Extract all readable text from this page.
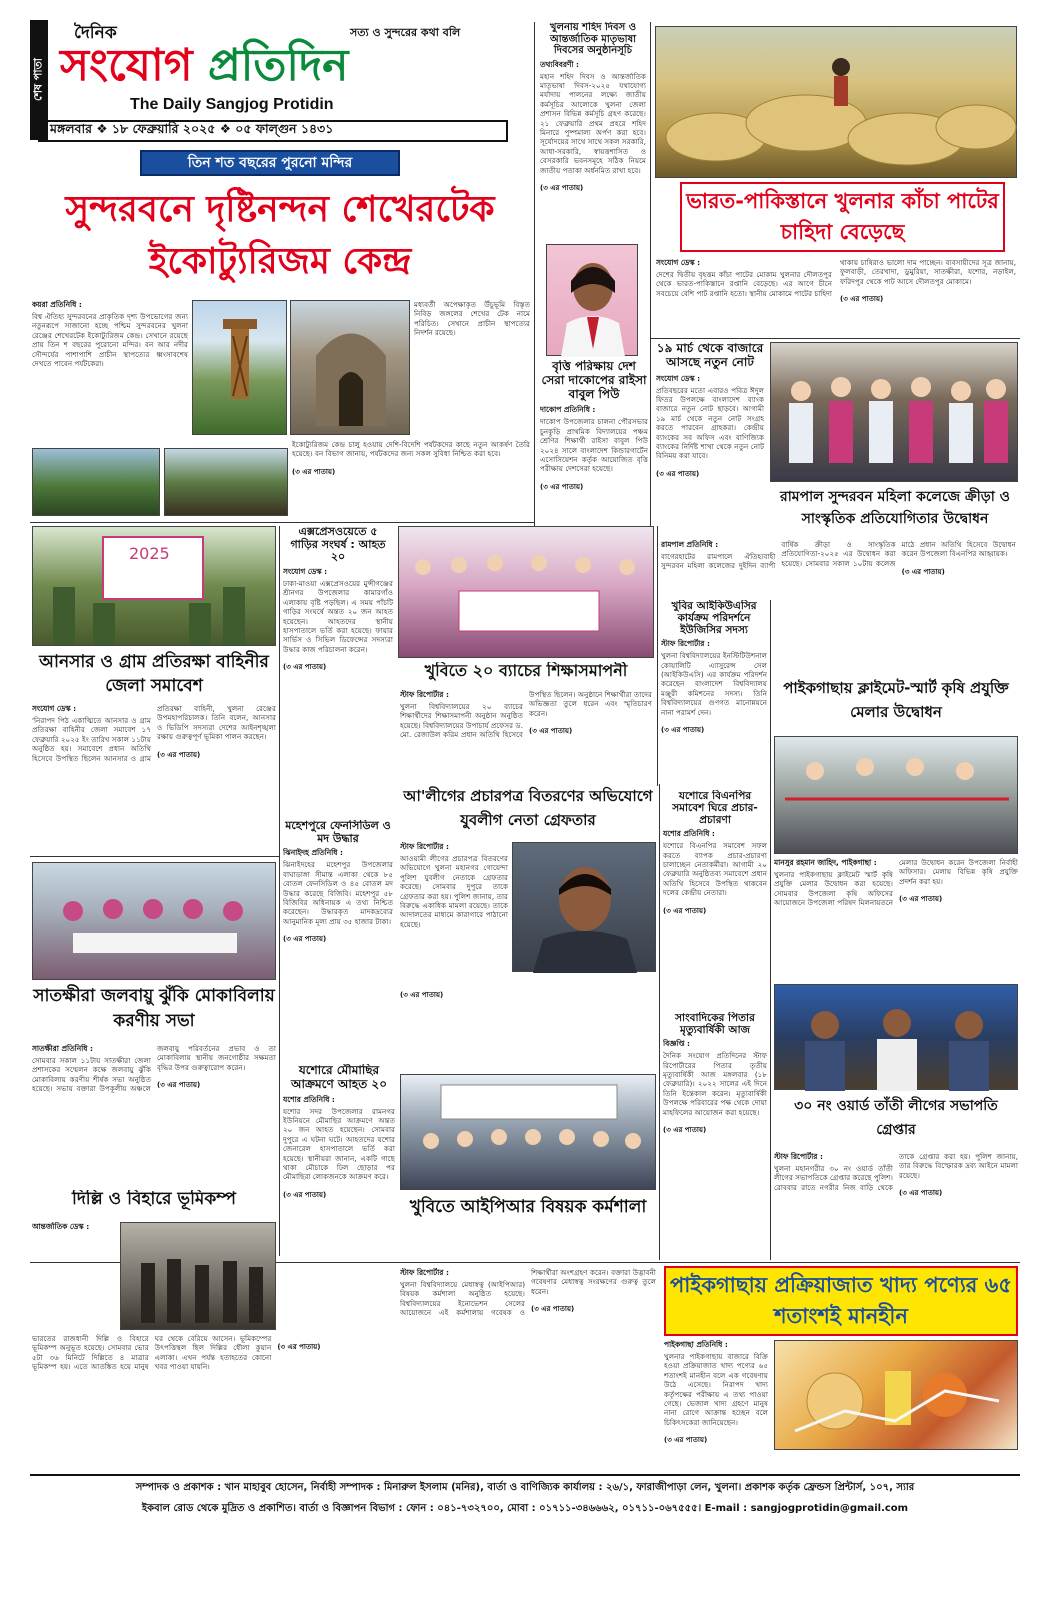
শেষ পাতা
দৈনিক	সত্য ও সুন্দরের কথা বলি
সংযোগ প্রতিদিন
The Daily Sangjog Protidin
মঙ্গলবার ❖ ১৮ ফেব্রুয়ারি ২০২৫ ❖ ০৫ ফাল্গুন ১৪৩১
তিন শত বছরের পুরনো মন্দির
সুন্দরবনে দৃষ্টিনন্দন শেখেরটেক ইকোট্যুরিজম কেন্দ্র
কয়রা প্রতিনিধি :
বিশ্ব ঐতিহ্য সুন্দরবনের প্রাকৃতিক দৃশ্য উপভোগের জন্য নতুনরূপে সাজানো হচ্ছে পশ্চিম সুন্দরবনের খুলনা রেঞ্জের শেখেরটেক ইকোট্যুরিজম কেন্দ্র। সেখানে রয়েছে প্রায় তিন শ বছরের পুরোনো মন্দির। বন আর নদীর সৌন্দর্যের পাশাপাশি প্রাচীন স্থাপত্যের ধ্বংসাবশেষ দেখতে পাবেন পর্যটকেরা।
মধ্যবর্তী অপেক্ষাকৃত উঁচুভূমি বিস্তৃত নিবিড় জঙ্গলের শেখের টেক নামে পরিচিত। সেখানে প্রাচীন স্থাপত্যের নিদর্শন রয়েছে।
ইকোট্যুরিজম কেন্দ্র চালু হওয়ায় দেশি-বিদেশি পর্যটকদের কাছে নতুন আকর্ষণ তৈরি হয়েছে। বন বিভাগ জানায়, পর্যটকদের জন্য সকল সুবিধা নিশ্চিত করা হবে।
(৩ এর পাতায়)
খুলনায় শহিদ দিবস ও আন্তর্জাতিক মাতৃভাষা দিবসের অনুষ্ঠানসূচি
তথ্যবিবরণী :
মহান শহিদ দিবস ও আন্তর্জাতিক মাতৃভাষা দিবস-২০২৫ যথাযোগ্য মর্যাদায় পালনের লক্ষ্যে জাতীয় কর্মসূচির আলোকে খুলনা জেলা প্রশাসন বিভিন্ন কর্মসূচি গ্রহণ করেছে। ২১ ফেব্রুয়ারি প্রথম প্রহরে শহিদ মিনারে পুষ্পমাল্য অর্পণ করা হবে। সূর্যোদয়ের সাথে সাথে সকল সরকারি, আধা-সরকারি, স্বায়ত্তশাসিত ও বেসরকারি ভবনসমূহে সঠিক নিয়মে জাতীয় পতাকা অর্ধনমিত রাখা হবে।
(৩ এর পাতায়)
বৃত্তি পরিক্ষায় দেশ সেরা দাকোপের রাইসা বাবুল পিউ
দাকোপ প্রতিনিধি :
দাকোপ উপজেলার চালনা পৌরসভার চুনকুড়ি প্রাথমিক বিদ্যালয়ের পঞ্চম শ্রেণির শিক্ষার্থী রাইসা বাবুল পিউ ২০২৪ সালে বাংলাদেশ কিন্ডারগার্টেন এসোসিয়েশন কর্তৃক আয়োজিত বৃত্তি পরীক্ষায় দেশসেরা হয়েছে।
(৩ এর পাতায়)
ভারত-পাকিস্তানে খুলনার কাঁচা পাটের চাহিদা বেড়েছে
সংযোগ ডেস্ক :
দেশের দ্বিতীয় বৃহত্তম কাঁচা পাটের মোকাম খুলনার দৌলতপুর থেকে ভারত-পাকিস্তানে রপ্তানি বেড়েছে। এর আগে চীনে সবচেয়ে বেশি পাট রপ্তানি হতো। স্থানীয় মোকামে পাটের চাহিদা থাকায় চাষিরাও ভালো দাম পাচ্ছেন। ব্যবসায়ীদের সূত্র জানায়, ফুলবাড়ী, তেরখাদা, ডুমুরিয়া, সাতক্ষীরা, যশোর, নড়াইল, ফরিদপুর থেকে পাট আসে দৌলতপুর মোকামে।
(৩ এর পাতায়)
১৯ মার্চ থেকে বাজারে আসছে নতুন নোট
সংযোগ ডেস্ক :
প্রতিবছরের মতো এবারও পবিত্র ঈদুল ফিতর উপলক্ষে বাংলাদেশ ব্যাংক বাজারে নতুন নোট ছাড়বে। আগামী ১৯ মার্চ থেকে নতুন নোট সংগ্রহ করতে পারবেন গ্রাহকরা। কেন্দ্রীয় ব্যাংকের সব অফিস এবং বাণিজ্যিক ব্যাংকের নির্দিষ্ট শাখা থেকে নতুন নোট বিনিময় করা যাবে।
(৩ এর পাতায়)
রামপাল সুন্দরবন মহিলা কলেজে ক্রীড়া ও সাংস্কৃতিক প্রতিযোগিতার উদ্বোধন
2025
আনসার ও গ্রাম প্রতিরক্ষা বাহিনীর জেলা সমাবেশ
সংযোগ ডেস্ক :
'নিরাপদ পিঠ একাত্মিতে আনসার ও গ্রাম প্রতিরক্ষা বাহিনীর জেলা সমাবেশ ১৭ ফেব্রুয়ারি ২০২৫ ইং তারিখ সকাল ১১টায় অনুষ্ঠিত হয়। সমাবেশে প্রধান অতিথি হিসেবে উপস্থিত ছিলেন আনসার ও গ্রাম প্রতিরক্ষা বাহিনী, খুলনা রেঞ্জের উপমহাপরিচালক। তিনি বলেন, আনসার ও ভিডিপি সদস্যরা দেশের আইনশৃঙ্খলা রক্ষায় গুরুত্বপূর্ণ ভূমিকা পালন করছেন।
(৩ এর পাতায়)
এক্সপ্রেসওয়েতে ৫ গাড়ির সংঘর্ষ : আহত ২০
সংযোগ ডেস্ক :
ঢাকা-মাওয়া এক্সপ্রেসওয়ের মুন্সীগঞ্জের শ্রীনগর উপজেলার কামারগাঁও এলাকায় বৃষ্টি পড়ছিল। এ সময় পাঁচটি গাড়ির সংঘর্ষে অন্তত ২০ জন আহত হয়েছেন। আহতদের স্থানীয় হাসপাতালে ভর্তি করা হয়েছে। ফায়ার সার্ভিস ও সিভিল ডিফেন্সের সদস্যরা উদ্ধার কাজ পরিচালনা করেন।
(৩ এর পাতায়)
মহেশপুরে ফেনসিডিল ও মদ উদ্ধার
ঝিনাইদহ প্রতিনিধি :
ঝিনাইদহের মহেশপুর উপজেলার বাঘাডাঙ্গা সীমান্ত এলাকা থেকে ৮৫ বোতল ফেনসিডিল ও ৪৫ বোতল মদ উদ্ধার করেছে বিজিবি। মহেশপুর ৫৮ বিজিবির অধিনায়ক এ তথ্য নিশ্চিত করেছেন। উদ্ধারকৃত মাদকদ্রব্যের আনুমানিক মূল্য প্রায় ৩৫ হাজার টাকা।
(৩ এর পাতায়)
খুবিতে ২০ ব্যাচের শিক্ষাসমাপনী
স্টাফ রিপোর্টার :
খুলনা বিশ্ববিদ্যালয়ের ২০ ব্যাচের শিক্ষার্থীদের শিক্ষাসমাপনী অনুষ্ঠান অনুষ্ঠিত হয়েছে। বিশ্ববিদ্যালয়ের উপাচার্য প্রফেসর ড. মো. রেজাউল করিম প্রধান অতিথি হিসেবে উপস্থিত ছিলেন। অনুষ্ঠানে শিক্ষার্থীরা তাদের অভিজ্ঞতা তুলে ধরেন এবং স্মৃতিচারণ করেন।
(৩ এর পাতায়)
খুবির আইকিউএসির কার্যক্রম পরিদর্শনে ইউজিসির সদস্য
স্টাফ রিপোর্টার :
খুলনা বিশ্ববিদ্যালয়ের ইনস্টিটিউশনাল কোয়ালিটি এ্যাসুরেন্স সেল (আইকিউএসি) এর কার্যক্রম পরিদর্শন করেছেন বাংলাদেশ বিশ্ববিদ্যালয় মঞ্জুরী কমিশনের সদস্য। তিনি বিশ্ববিদ্যালয়ের গুণগত মানোন্নয়নে নানা পরামর্শ দেন।
(৩ এর পাতায়)
রামপাল প্রতিনিধি :
বাগেরহাটের রামপালে ঐতিহ্যবাহী সুন্দরবন মহিলা কলেজের দুইদিন ব্যাপী বার্ষিক ক্রীড়া ও সাংস্কৃতিক প্রতিযোগিতা-২০২৫ এর উদ্বোধন করা হয়েছে। সোমবার সকাল ১০টায় কলেজ মাঠে প্রধান অতিথি হিসেবে উদ্বোধন করেন উপজেলা বিএনপির আহ্বায়ক।
(৩ এর পাতায়)
পাইকগাছায় ক্লাইমেট-স্মার্ট কৃষি প্রযুক্তি মেলার উদ্বোধন
মানসুর রহমান জাহিদ, পাইকগাছা :
খুলনার পাইকগাছায় ক্লাইমেট স্মার্ট কৃষি প্রযুক্তি মেলার উদ্বোধন করা হয়েছে। সোমবার উপজেলা কৃষি অফিসের আয়োজনে উপজেলা পরিষদ মিলনায়তনে মেলার উদ্বোধন করেন উপজেলা নির্বাহী অফিসার। মেলায় বিভিন্ন কৃষি প্রযুক্তি প্রদর্শন করা হয়।
(৩ এর পাতায়)
আ'লীগের প্রচারপত্র বিতরণের অভিযোগে যুবলীগ নেতা গ্রেফতার
স্টাফ রিপোর্টার :
আওয়ামী লীগের প্রচারপত্র বিতরণের অভিযোগে খুলনা মহানগর গোয়েন্দা পুলিশ যুবলীগ নেতাকে গ্রেফতার করেছে। সোমবার দুপুরে তাকে গ্রেফতার করা হয়। পুলিশ জানায়, তার বিরুদ্ধে একাধিক মামলা রয়েছে। তাকে আদালতের মাধ্যমে কারাগারে পাঠানো হয়েছে।
(৩ এর পাতায়)
যশোরে বিএনপির সমাবেশ ঘিরে প্রচার-প্রচারণা
যশোর প্রতিনিধি :
যশোরে বিএনপির সমাবেশ সফল করতে ব্যাপক প্রচার-প্রচারণা চালাচ্ছেন নেতাকর্মীরা। আগামী ২০ ফেব্রুয়ারি অনুষ্ঠিতব্য সমাবেশে প্রধান অতিথি হিসেবে উপস্থিত থাকবেন দলের কেন্দ্রীয় নেতারা।
(৩ এর পাতায়)
সাতক্ষীরা জলবায়ু ঝুঁকি মোকাবিলায় করণীয় সভা
সাতক্ষীরা প্রতিনিধি :
সোমবার সকাল ১১টায় সাতক্ষীরা জেলা প্রশাসকের সম্মেলন কক্ষে জলবায়ু ঝুঁকি মোকাবিলায় করণীয় শীর্ষক সভা অনুষ্ঠিত হয়েছে। সভায় বক্তারা উপকূলীয় অঞ্চলে জলবায়ু পরিবর্তনের প্রভাব ও তা মোকাবিলায় স্থানীয় জনগোষ্ঠীর সক্ষমতা বৃদ্ধির উপর গুরুত্বারোপ করেন।
(৩ এর পাতায়)
যশোরে মৌমাছির আক্রমণে আহত ২০
যশোর প্রতিনিধি :
যশোর সদর উপজেলার রামনগর ইউনিয়নে মৌমাছির আক্রমণে অন্তত ২০ জন আহত হয়েছেন। সোমবার দুপুরে এ ঘটনা ঘটে। আহতদের যশোর জেনারেল হাসপাতালে ভর্তি করা হয়েছে। স্থানীয়রা জানান, একটি গাছে থাকা মৌচাকে ঢিল ছোড়ার পর মৌমাছিরা লোকজনকে আক্রমণ করে।
(৩ এর পাতায়)
সাংবাদিকের পিতার মৃত্যুবার্ষিকী আজ
বিজ্ঞপ্তি :
দৈনিক সংযোগ প্রতিদিনের স্টাফ রিপোর্টারের পিতার তৃতীয় মৃত্যুবার্ষিকী আজ মঙ্গলবার (১৮ ফেব্রুয়ারি)। ২০২২ সালের এই দিনে তিনি ইন্তেকাল করেন। মৃত্যুবার্ষিকী উপলক্ষে পরিবারের পক্ষ থেকে দোয়া মাহফিলের আয়োজন করা হয়েছে।
(৩ এর পাতায়)
৩০ নং ওয়ার্ড তাঁতী লীগের সভাপতি গ্রেপ্তার
স্টাফ রিপোর্টার :
খুলনা মহানগরীর ৩০ নং ওয়ার্ড তাঁতী লীগের সভাপতিকে গ্রেপ্তার করেছে পুলিশ। রোববার রাতে নগরীর নিজ বাড়ি থেকে তাকে গ্রেপ্তার করা হয়। পুলিশ জানায়, তার বিরুদ্ধে বিস্ফোরক দ্রব্য আইনে মামলা রয়েছে।
(৩ এর পাতায়)
খুবিতে আইপিআর বিষয়ক কর্মশালা
দিল্লি ও বিহারে ভূমিকম্প
আন্তর্জাতিক ডেস্ক :
ভারতের রাজধানী দিল্লি ও বিহারে ভূমিকম্প অনুভূত হয়েছে। সোমবার ভোর ৫টা ৩৬ মিনিটে দিল্লিতে ৪ মাত্রার ভূমিকম্প হয়। এতে আতঙ্কিত হয়ে মানুষ ঘর থেকে বেরিয়ে আসেন। ভূমিকম্পের উৎপত্তিস্থল ছিল দিল্লির ধৌলা কুয়ান এলাকা। এখন পর্যন্ত হতাহতের কোনো খবর পাওয়া যায়নি।
(৩ এর পাতায়)
স্টাফ রিপোর্টার :
খুলনা বিশ্ববিদ্যালয়ে মেধাস্বত্ব (আইপিআর) বিষয়ক কর্মশালা অনুষ্ঠিত হয়েছে। বিশ্ববিদ্যালয়ের ইনোভেশন সেলের আয়োজনে এই কর্মশালায় গবেষক ও শিক্ষার্থীরা অংশগ্রহণ করেন। বক্তারা উদ্ভাবনী গবেষণার মেধাস্বত্ব সংরক্ষণের গুরুত্ব তুলে ধরেন।
(৩ এর পাতায়)
পাইকগাছায় প্রক্রিয়াজাত খাদ্য পণ্যের ৬৫ শতাংশই মানহীন
পাইকগাছা প্রতিনিধি :
খুলনার পাইকগাছায় বাজারে বিক্রি হওয়া প্রক্রিয়াজাত খাদ্য পণ্যের ৬৫ শতাংশই মানহীন বলে এক গবেষণায় উঠে এসেছে। নিরাপদ খাদ্য কর্তৃপক্ষের পরীক্ষায় এ তথ্য পাওয়া গেছে। ভেজাল খাদ্য গ্রহণে মানুষ নানা রোগে আক্রান্ত হচ্ছেন বলে চিকিৎসকেরা জানিয়েছেন।
(৩ এর পাতায়)
সম্পাদক ও প্রকাশক : খান মাহাবুব হোসেন, নির্বাহী সম্পাদক : মিনারুল ইসলাম (মনির), বার্তা ও বাণিজ্যিক কার্যালয় : ২৬/১, ফারাজীপাড়া লেন, খুলনা। প্রকাশক কর্তৃক ফ্রেন্ডস প্রিন্টার্স, ১০৭, স্যার
ইকবাল রোড থেকে মুদ্রিত ও প্রকাশিত। বার্তা ও বিজ্ঞাপন বিভাগ : ফোন : ০৪১-৭৩২৭০০, মোবা : ০১৭১১-৩৪৬৬৬২, ০১৭১১-০৬৭৫৫৫। E-mail : sangjogprotidin@gmail.com
